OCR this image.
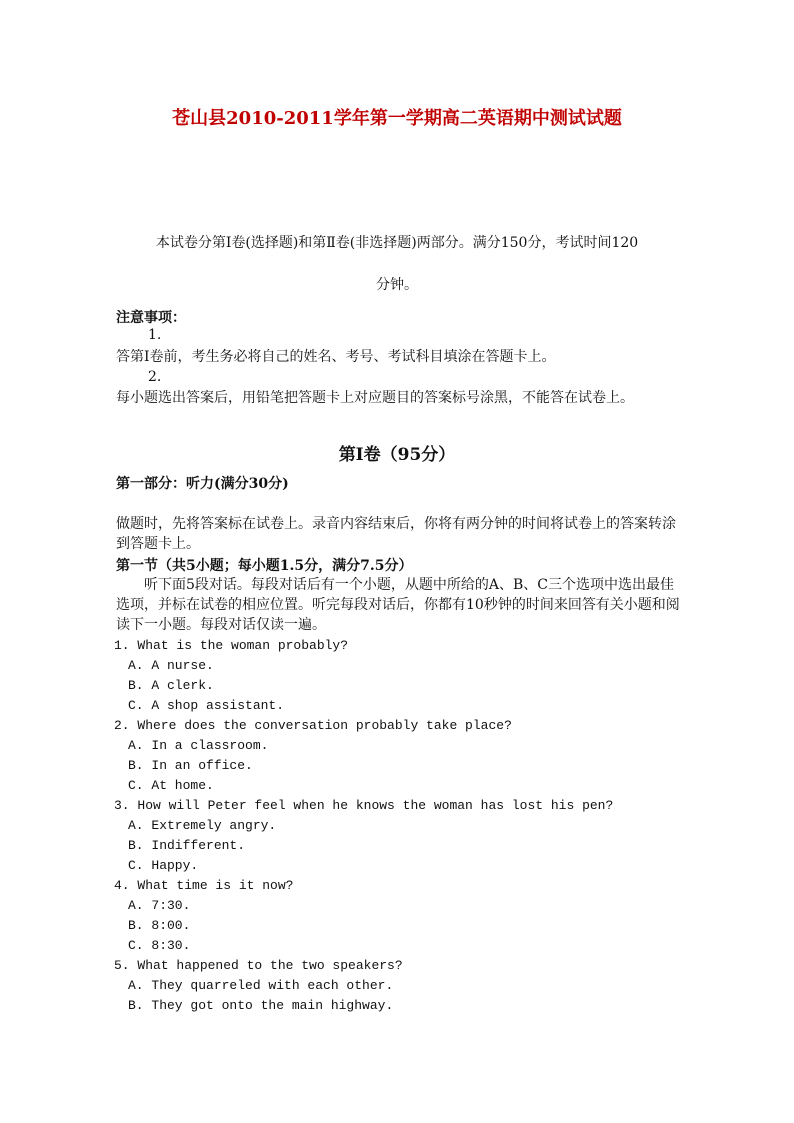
苍山县2010-2011学年第一学期高二英语期中测试试题
本试卷分第Ⅰ卷(选择题)和第Ⅱ卷(非选择题)两部分。满分150分，考试时间120
分钟。
注意事项：
1.
答第Ⅰ卷前，考生务必将自己的姓名、考号、考试科目填涂在答题卡上。
2.
每小题选出答案后，用铅笔把答题卡上对应题目的答案标号涂黑，不能答在试卷上。
第Ⅰ卷（95分）
第一部分：听力(满分30分)
做题时，先将答案标在试卷上。录音内容结束后，你将有两分钟的时间将试卷上的答案转涂到答题卡上。
第一节（共5小题；每小题1.5分，满分7.5分）
听下面5段对话。每段对话后有一个小题，从题中所给的A、B、C三个选项中选出最佳选项，并标在试卷的相应位置。听完每段对话后，你都有10秒钟的时间来回答有关小题和阅读下一小题。每段对话仅读一遍。
1. What is the woman probably?
A. A nurse.
B. A clerk.
C. A shop assistant.
2. Where does the conversation probably take place?
A. In a classroom.
B. In an office.
C. At home.
3. How will Peter feel when he knows the woman has lost his pen?
A. Extremely angry.
B. Indifferent.
C. Happy.
4. What time is it now?
A. 7:30.
B. 8:00.
C. 8:30.
5. What happened to the two speakers?
A. They quarreled with each other.
B. They got onto the main highway.
